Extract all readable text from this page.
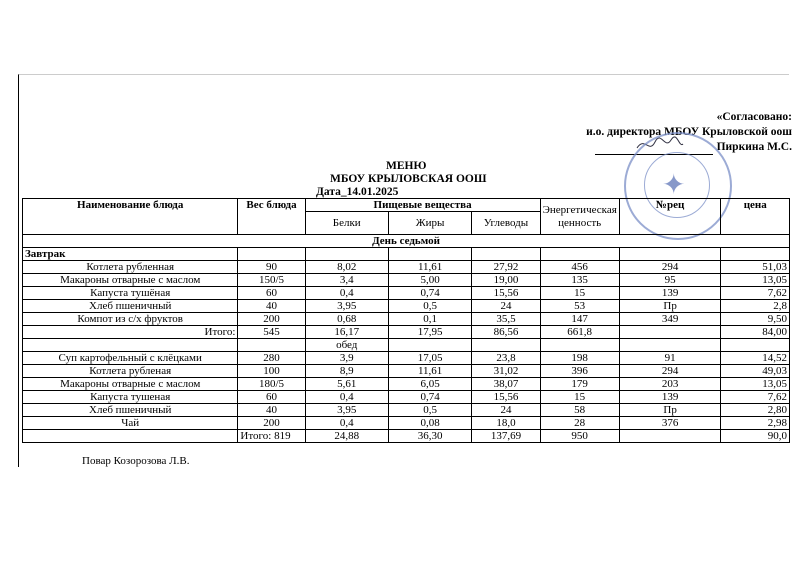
«Согласовано:
и.о. директора МБОУ Крыловской оош
Пиркина М.С.
✦
МЕНЮ
МБОУ КРЫЛОВСКАЯ ООШ
Дата_14.01.2025
Наименование блюда	Вес блюда	Пищевые вещества			Энергетическая ценность	№рец	цена
		Белки	Жиры	Углеводы			
День седьмой							
Завтрак							
Котлета рубленная	90	8,02	11,61	27,92	456	294	51,03
Макароны отварные с маслом	150/5	3,4	5,00	19,00	135	95	13,05
Капуста тушёная	60	0,4	0,74	15,56	15	139	7,62
Хлеб пшеничный	40	3,95	0,5	24	53	Пр	2,8
Компот из с/х фруктов	200	0,68	0,1	35,5	147	349	9,50
Итого:	545	16,17	17,95	86,56	661,8		84,00
		обед					
Суп картофельный с клёцками	280	3,9	17,05	23,8	198	91	14,52
Котлета рубленая	100	8,9	11,61	31,02	396	294	49,03
Макароны отварные с маслом	180/5	5,61	6,05	38,07	179	203	13,05
Капуста тушеная	60	0,4	0,74	15,56	15	139	7,62
Хлеб пшеничный	40	3,95	0,5	24	58	Пр	2,80
Чай	200	0,4	0,08	18,0	28	376	2,98
	Итого: 819	24,88	36,30	137,69	950		90,0
Повар Козорозова Л.В.
